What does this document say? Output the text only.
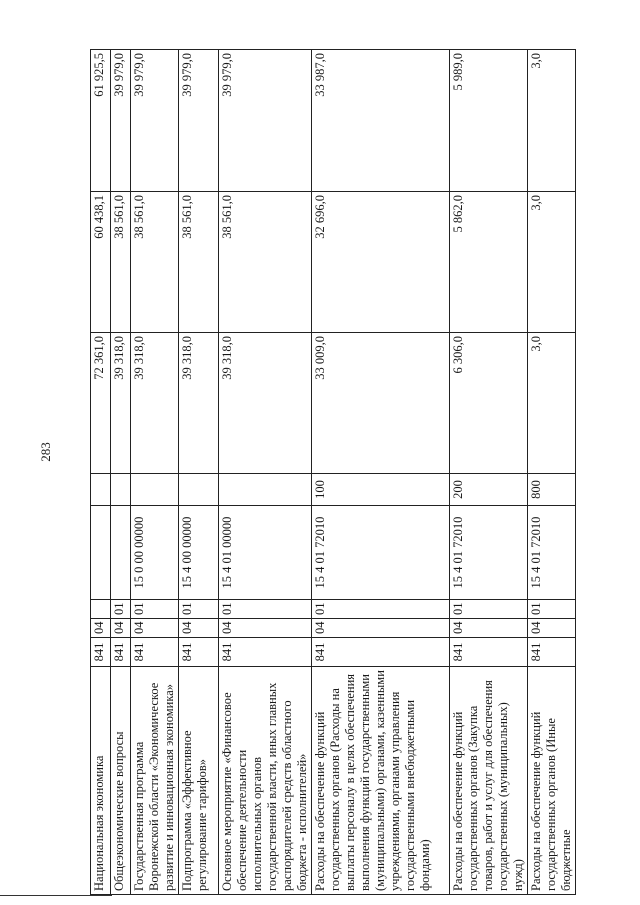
283
Национальная экономика	841	04				72 361,0	60 438,1	61 925,5
Общеэкономические вопросы	841	04	01			39 318,0	38 561,0	39 979,0
Государственная программа Воронежской области «Экономическое развитие и инновационная экономика»	841	04	01	15 0 00 00000		39 318,0	38 561,0	39 979,0
Подпрограмма «Эффективное регулирование тарифов»	841	04	01	15 4 00 00000		39 318,0	38 561,0	39 979,0
Основное мероприятие «Финансовое обеспечение деятельности исполнительных органов государственной власти, иных главных распорядителей средств областного бюджета - исполнителей»	841	04	01	15 4 01 00000		39 318,0	38 561,0	39 979,0
Расходы на обеспечение функций государственных органов (Расходы на выплаты персоналу в целях обеспечения выполнения функций государственными (муниципальными) органами, казенными учреждениями, органами управления государственными внебюджетными фондами)	841	04	01	15 4 01 72010	100	33 009,0	32 696,0	33 987,0
Расходы на обеспечение функций государственных органов (Закупка товаров, работ и услуг для обеспечения государственных (муниципальных) нужд)	841	04	01	15 4 01 72010	200	6 306,0	5 862,0	5 989,0
Расходы на обеспечение функций государственных органов (Иные бюджетные	841	04	01	15 4 01 72010	800	3,0	3,0	3,0
